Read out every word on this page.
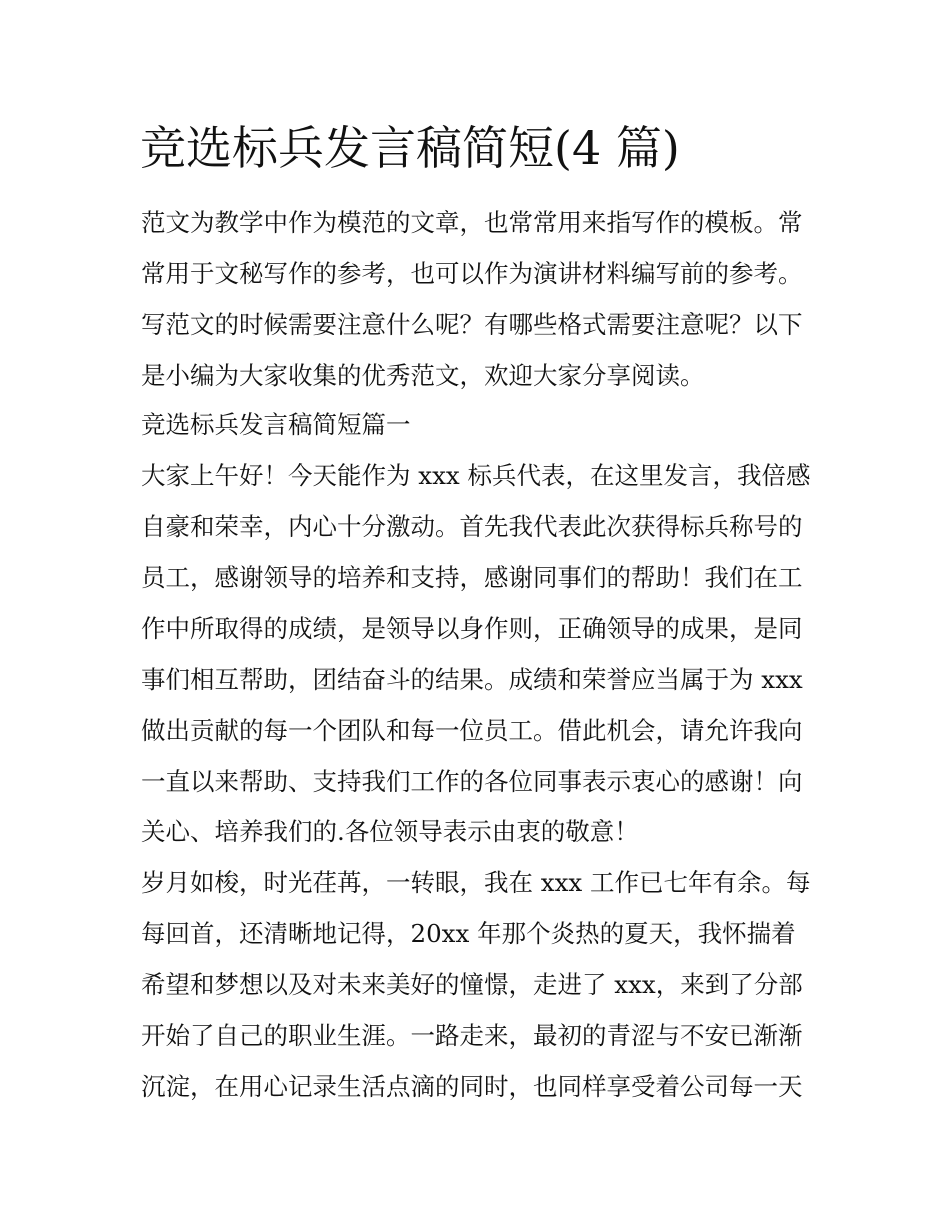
竞选标兵发言稿简短(4 篇)

范文为教学中作为模范的文章，也常常用来指写作的模板。常

常用于文秘写作的参考，也可以作为演讲材料编写前的参考。

写范文的时候需要注意什么呢？有哪些格式需要注意呢？以下

是小编为大家收集的优秀范文，欢迎大家分享阅读。

竞选标兵发言稿简短篇一

大家上午好！今天能作为 xxx 标兵代表，在这里发言，我倍感

自豪和荣幸，内心十分激动。首先我代表此次获得标兵称号的

员工，感谢领导的培养和支持，感谢同事们的帮助！我们在工

作中所取得的成绩，是领导以身作则，正确领导的成果，是同

事们相互帮助，团结奋斗的结果。成绩和荣誉应当属于为 xxx

做出贡献的每一个团队和每一位员工。借此机会，请允许我向

一直以来帮助、支持我们工作的各位同事表示衷心的感谢！向

关心、培养我们的.各位领导表示由衷的敬意！

岁月如梭，时光荏苒，一转眼，我在 xxx 工作已七年有余。每

每回首，还清晰地记得，20xx 年那个炎热的夏天，我怀揣着

希望和梦想以及对未来美好的憧憬，走进了 xxx，来到了分部

开始了自己的职业生涯。一路走来，最初的青涩与不安已渐渐

沉淀，在用心记录生活点滴的同时，也同样享受着公司每一天
